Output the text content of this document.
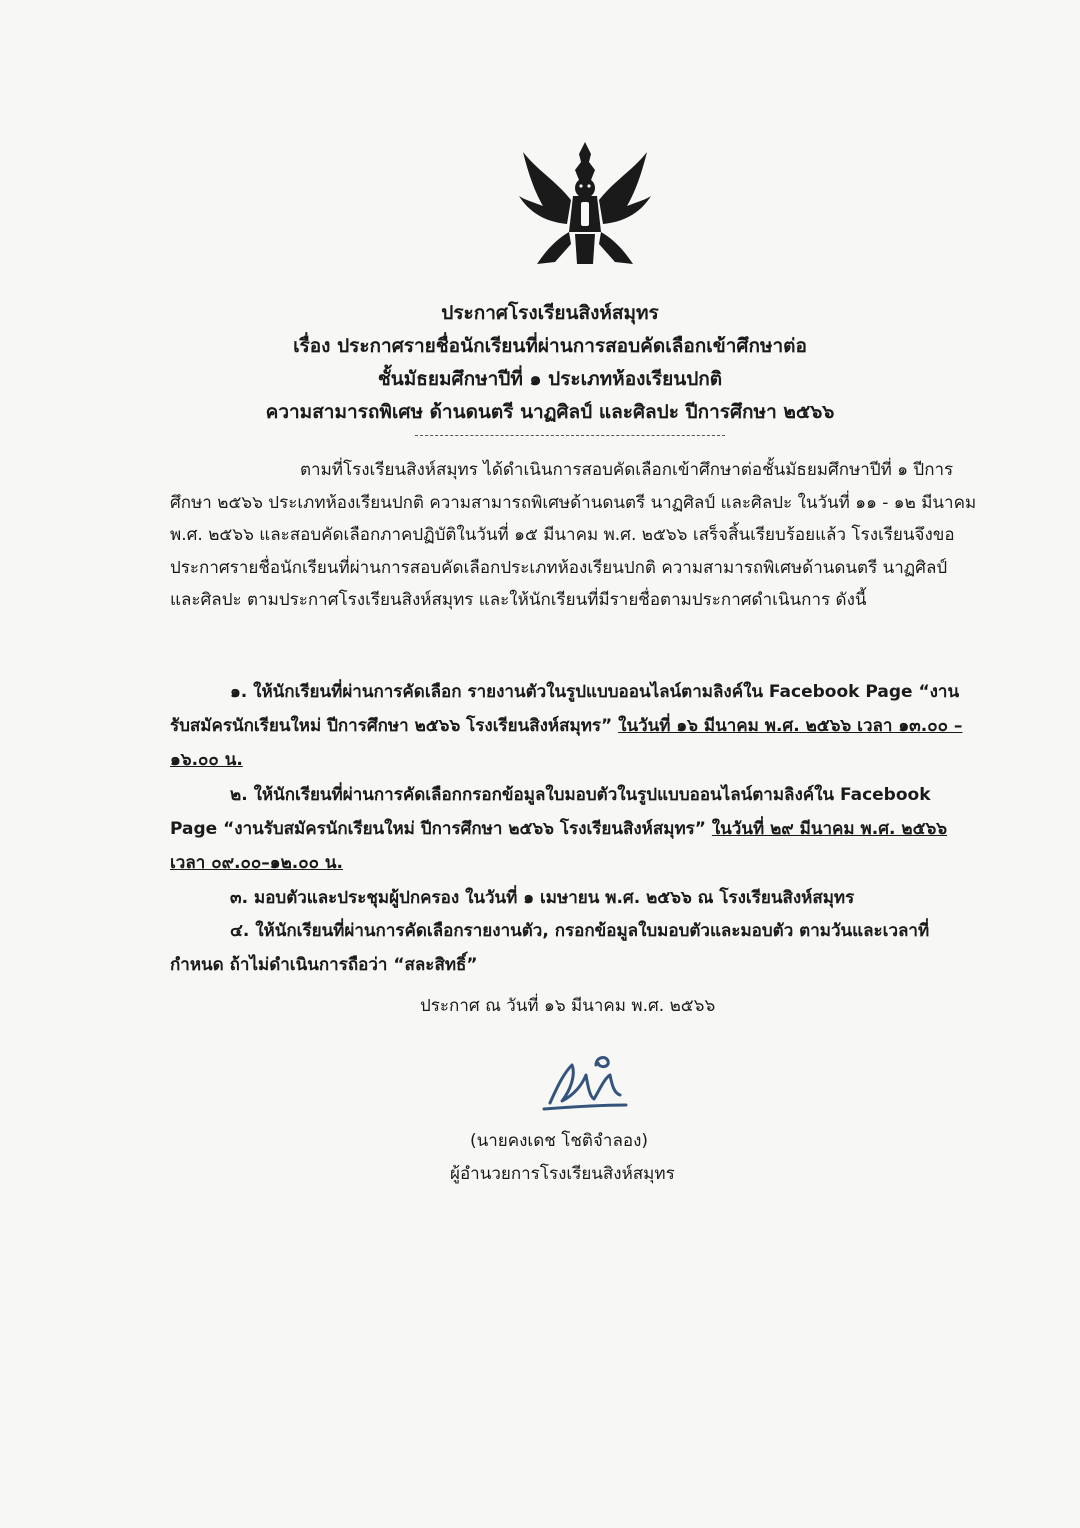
ประกาศโรงเรียนสิงห์สมุทร
เรื่อง ประกาศรายชื่อนักเรียนที่ผ่านการสอบคัดเลือกเข้าศึกษาต่อ
ชั้นมัธยมศึกษาปีที่ ๑ ประเภทห้องเรียนปกติ
ความสามารถพิเศษ ด้านดนตรี นาฏศิลป์ และศิลปะ ปีการศึกษา ๒๕๖๖
ตามที่โรงเรียนสิงห์สมุทร ได้ดำเนินการสอบคัดเลือกเข้าศึกษาต่อชั้นมัธยมศึกษาปีที่ ๑ ปีการศึกษา ๒๕๖๖ ประเภทห้องเรียนปกติ ความสามารถพิเศษด้านดนตรี นาฏศิลป์ และศิลปะ ในวันที่ ๑๑ - ๑๒ มีนาคม พ.ศ. ๒๕๖๖ และสอบคัดเลือกภาคปฏิบัติในวันที่ ๑๕ มีนาคม พ.ศ. ๒๕๖๖ เสร็จสิ้นเรียบร้อยแล้ว โรงเรียนจึงขอประกาศรายชื่อนักเรียนที่ผ่านการสอบคัดเลือกประเภทห้องเรียนปกติ ความสามารถพิเศษด้านดนตรี นาฏศิลป์ และศิลปะ ตามประกาศโรงเรียนสิงห์สมุทร และให้นักเรียนที่มีรายชื่อตามประกาศดำเนินการ ดังนี้
๑. ให้นักเรียนที่ผ่านการคัดเลือก รายงานตัวในรูปแบบออนไลน์ตามลิงค์ใน Facebook Page “งานรับสมัครนักเรียนใหม่ ปีการศึกษา ๒๕๖๖ โรงเรียนสิงห์สมุทร” ในวันที่ ๑๖ มีนาคม พ.ศ. ๒๕๖๖ เวลา ๑๓.๐๐ – ๑๖.๐๐ น.
๒. ให้นักเรียนที่ผ่านการคัดเลือกกรอกข้อมูลใบมอบตัวในรูปแบบออนไลน์ตามลิงค์ใน Facebook Page “งานรับสมัครนักเรียนใหม่ ปีการศึกษา ๒๕๖๖ โรงเรียนสิงห์สมุทร” ในวันที่ ๒๙ มีนาคม พ.ศ. ๒๕๖๖ เวลา ๐๙.๐๐–๑๒.๐๐ น.
๓. มอบตัวและประชุมผู้ปกครอง ในวันที่ ๑ เมษายน พ.ศ. ๒๕๖๖ ณ โรงเรียนสิงห์สมุทร
๔. ให้นักเรียนที่ผ่านการคัดเลือกรายงานตัว, กรอกข้อมูลใบมอบตัวและมอบตัว ตามวันและเวลาที่กำหนด ถ้าไม่ดำเนินการถือว่า “สละสิทธิ์”
ประกาศ ณ วันที่ ๑๖ มีนาคม พ.ศ. ๒๕๖๖
(นายคงเดช โชติจำลอง)
ผู้อำนวยการโรงเรียนสิงห์สมุทร
